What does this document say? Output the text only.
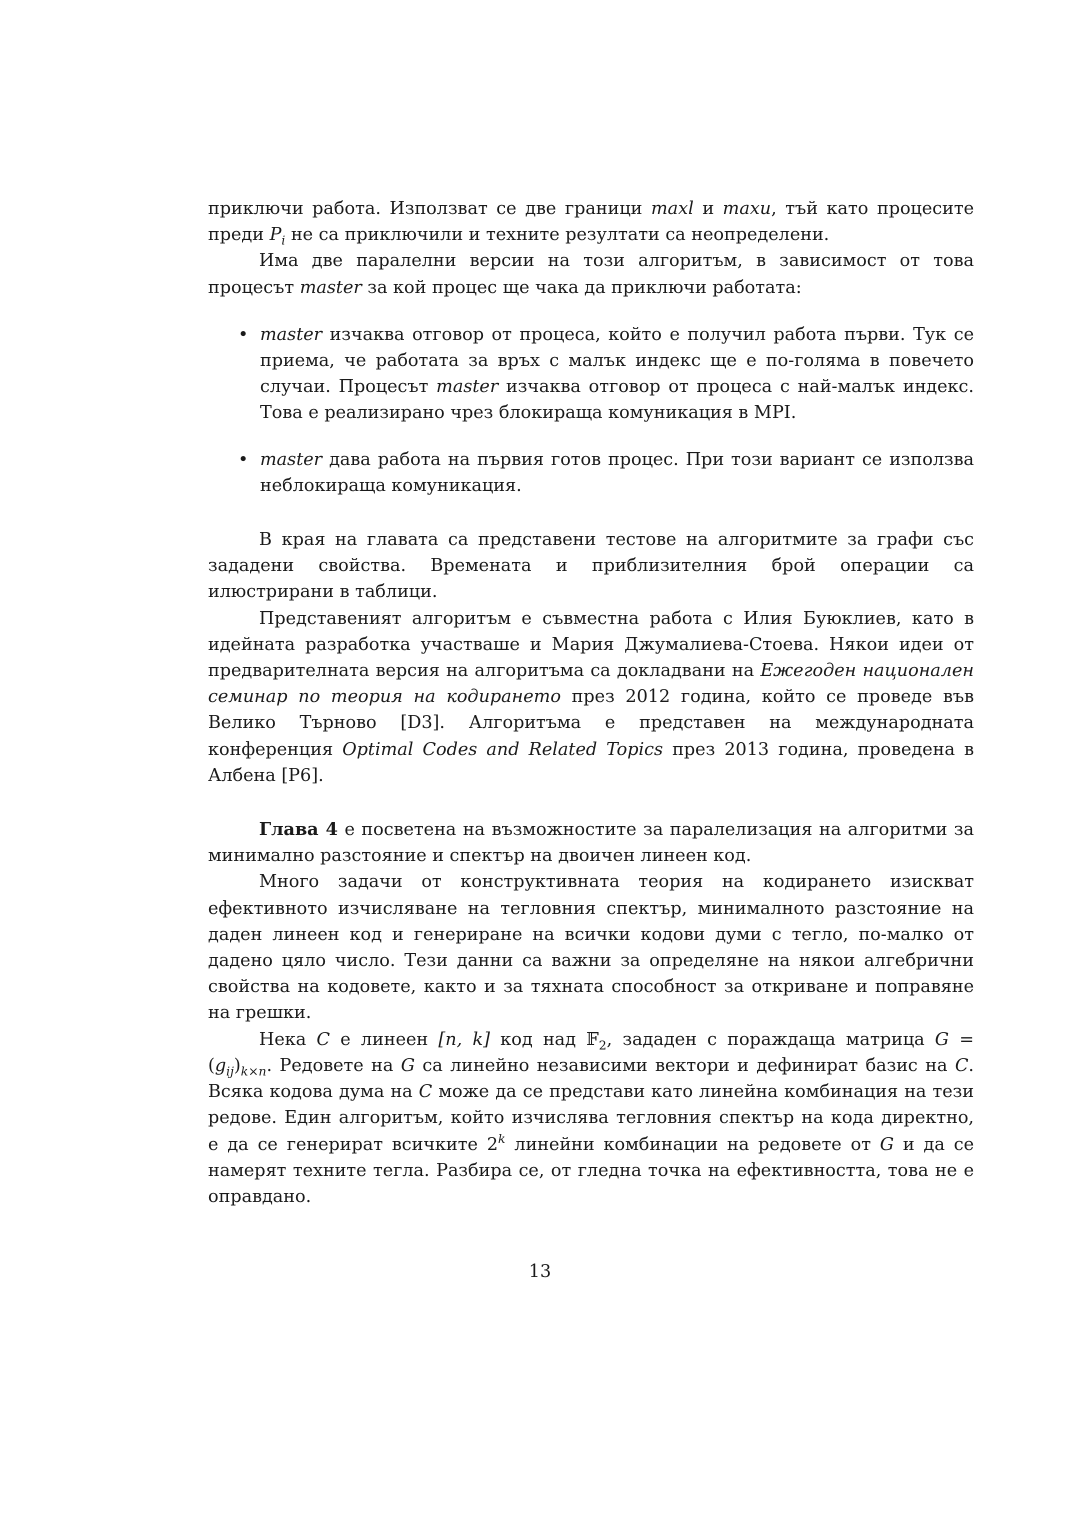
приключи работа. Използват се две граници maxl и maxu, тъй като процесите преди $P_i$ не са приключили и техните резултати са неопределени.

Има две паралелни версии на този алгоритъм, в зависимост от това процесът master за кой процес ще чака да приключи работата:

• master изчаква отговор от процеса, който е получил работа първи. Тук се приема, че работата за връх с малък индекс ще е по-голяма в повечето случаи. Процесът master изчаква отговор от процеса с най-малък индекс. Това е реализирано чрез блокираща комуникация в MPI.
• master дава работа на първия готов процес. При този вариант се използва неблокираща комуникация.

В края на главата са представени тестове на алгоритмите за графи със зададени свойства. Времената и приблизителния брой операции са илюстрирани в таблици.

Представеният алгоритъм е съвместна работа с Илия Буюклиев, като в идейната разработка участваше и Мария Джумалиева-Стоева. Някои идеи от предварителната версия на алгоритъма са докладвани на Ежегоден национален семинар по теория на кодирането през 2012 година, който се проведе във Велико Търново [D3]. Алгоритъма е представен на международната конференция Optimal Codes and Related Topics през 2013 година, проведена в Албена [P6].

Глава 4 е посветена на възможностите за паралелизация на алгоритми за минимално разстояние и спектър на двоичен линеен код.

Много задачи от конструктивната теория на кодирането изискват ефективното изчисляване на тегловния спектър, минималното разстояние на даден линеен код и генериране на всички кодови думи с тегло, по-малко от дадено цяло число. Тези данни са важни за определяне на някои алгебрични свойства на кодовете, както и за тяхната способност за откриване и поправяне на грешки.

Нека C е линеен [n, k] код над 𝔽$_2$, зададен с пораждаща матрица $G = (g_{ij})_{k\times n}$. Редовете на G са линейно независими вектори и дефинират базис на C. Всяка кодова дума на C може да се представи като линейна комбинация на тези редове. Един алгоритъм, който изчислява тегловния спектър на кода директно, е да се генерират всичките 2$^k$ линейни комбинации на редовете от G и да се намерят техните тегла. Разбира се, от гледна точка на ефективността, това не е оправдано.

13
